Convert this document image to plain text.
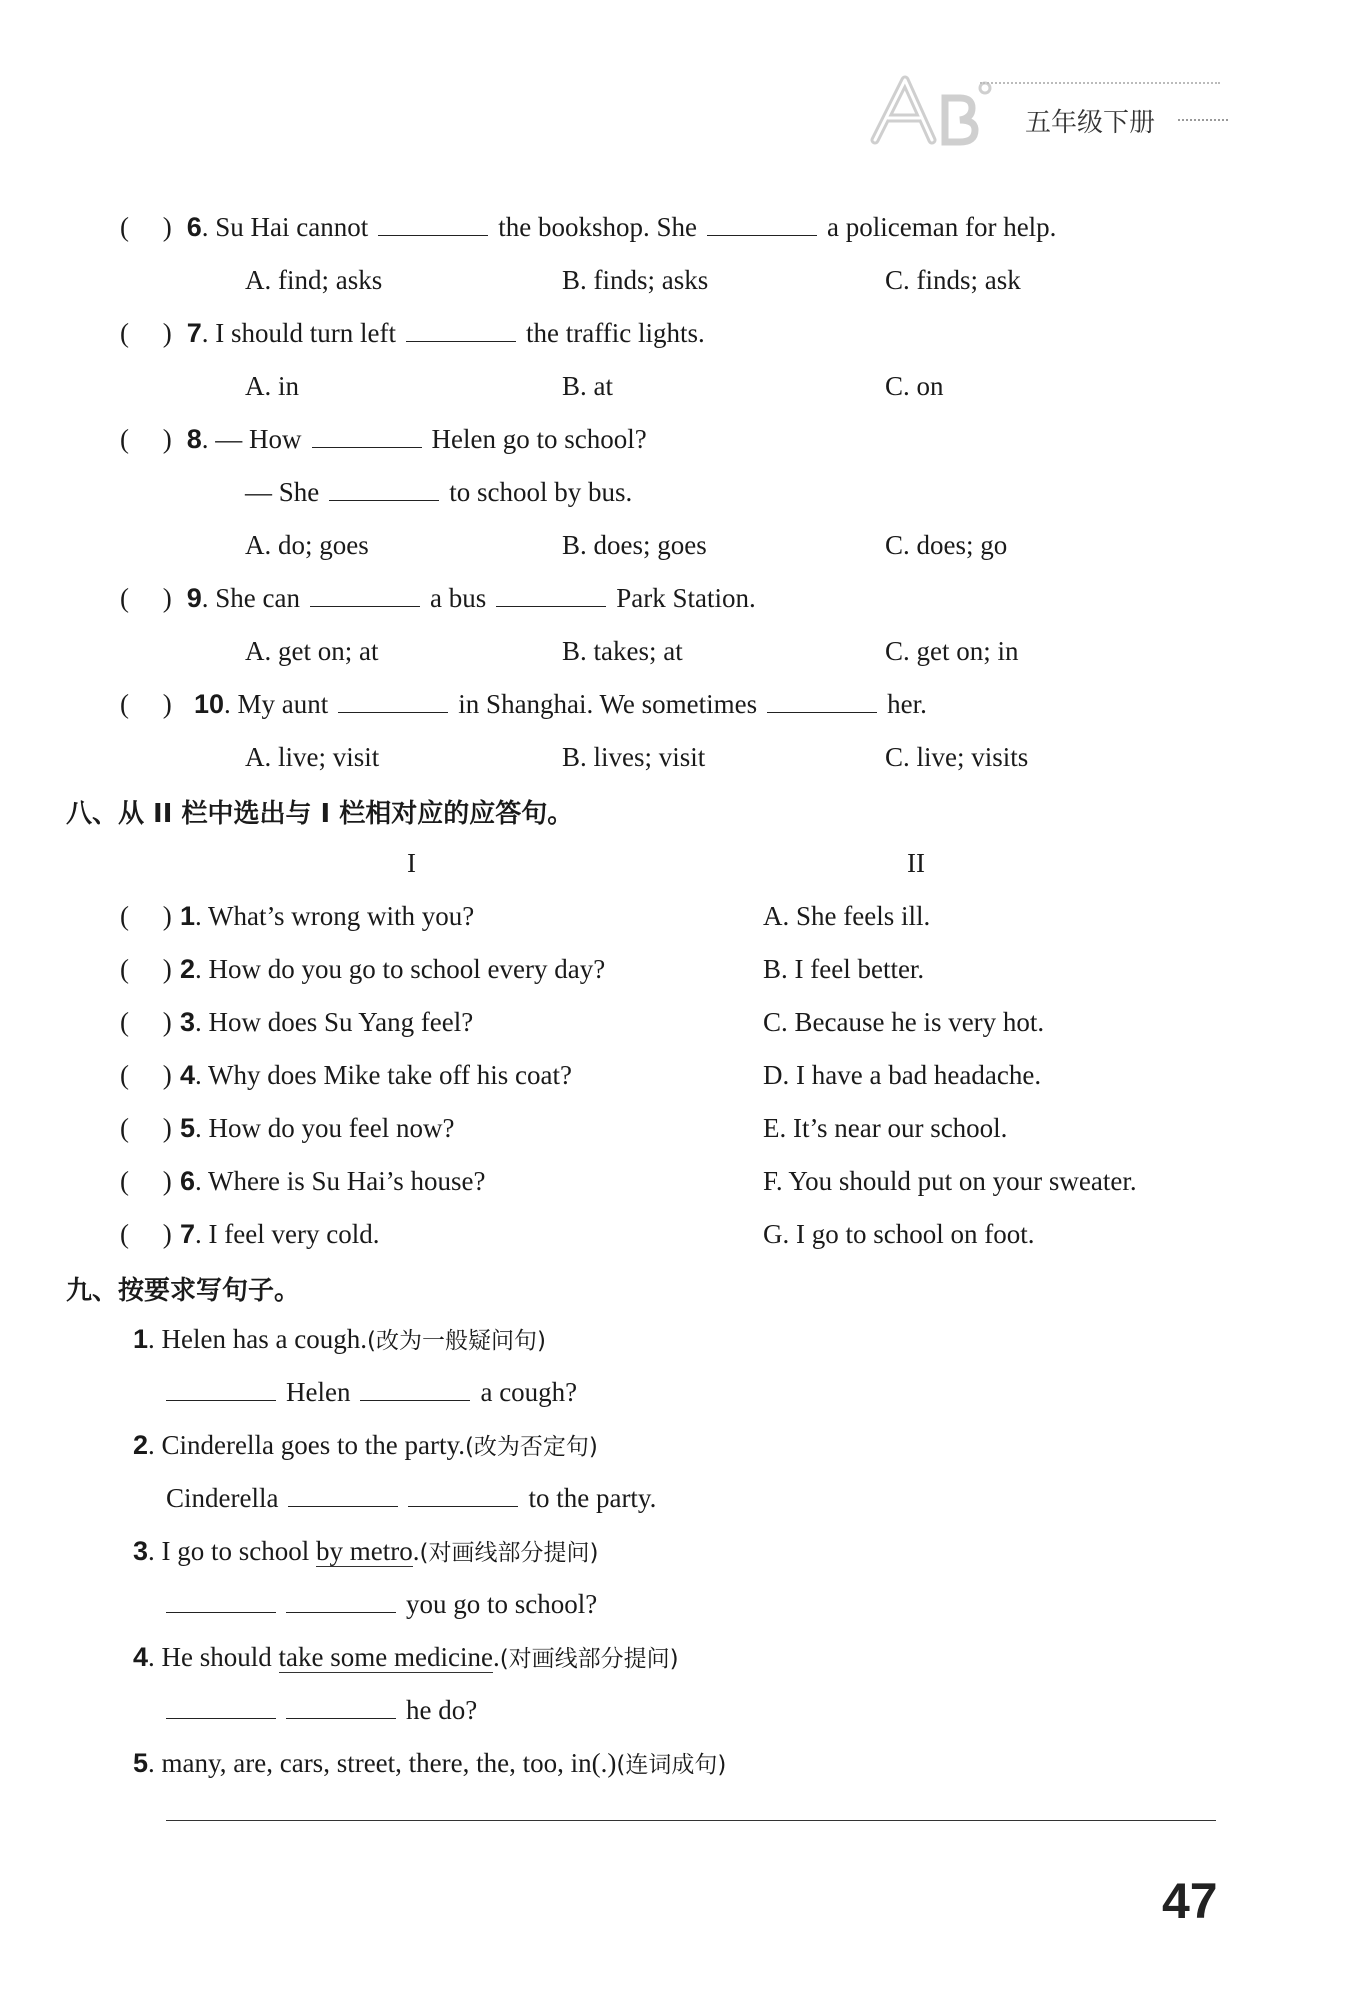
五年级下册
(     ) 6. Su Hai cannot	the bookshop. She	a policeman for help.
A. find; asks	B. finds; asks	C. finds; ask
(     ) 7. I should turn left	the traffic lights.
A. in	B. at	C. on
(     ) 8. — How	Helen go to school?
— She	to school by bus.
A. do; goes	B. does; goes	C. does; go
(     ) 9. She can	a bus	Park Station.
A. get on; at	B. takes; at	C. get on; in
(     ) 10. My aunt	in Shanghai. We sometimes	her.
A. live; visit	B. lives; visit	C. live; visits
八、从 II 栏中选出与 I 栏相对应的应答句。
I	II
(     ) 1. What’s wrong with you?	A. She feels ill.
(     ) 2. How do you go to school every day?	B. I feel better.
(     ) 3. How does Su Yang feel?	C. Because he is very hot.
(     ) 4. Why does Mike take off his coat?	D. I have a bad headache.
(     ) 5. How do you feel now?	E. It’s near our school.
(     ) 6. Where is Su Hai’s house?	F. You should put on your sweater.
(     ) 7. I feel very cold.	G. I go to school on foot.
九、按要求写句子。
1. Helen has a cough.(改为一般疑问句)
Helen	a cough?
2. Cinderella goes to the party.(改为否定句)
Cinderella	to the party.
3. I go to school by metro.(对画线部分提问)
you go to school?
4. He should take some medicine.(对画线部分提问)
he do?
5. many, are, cars, street, there, the, too, in(.)(连词成句)
47
